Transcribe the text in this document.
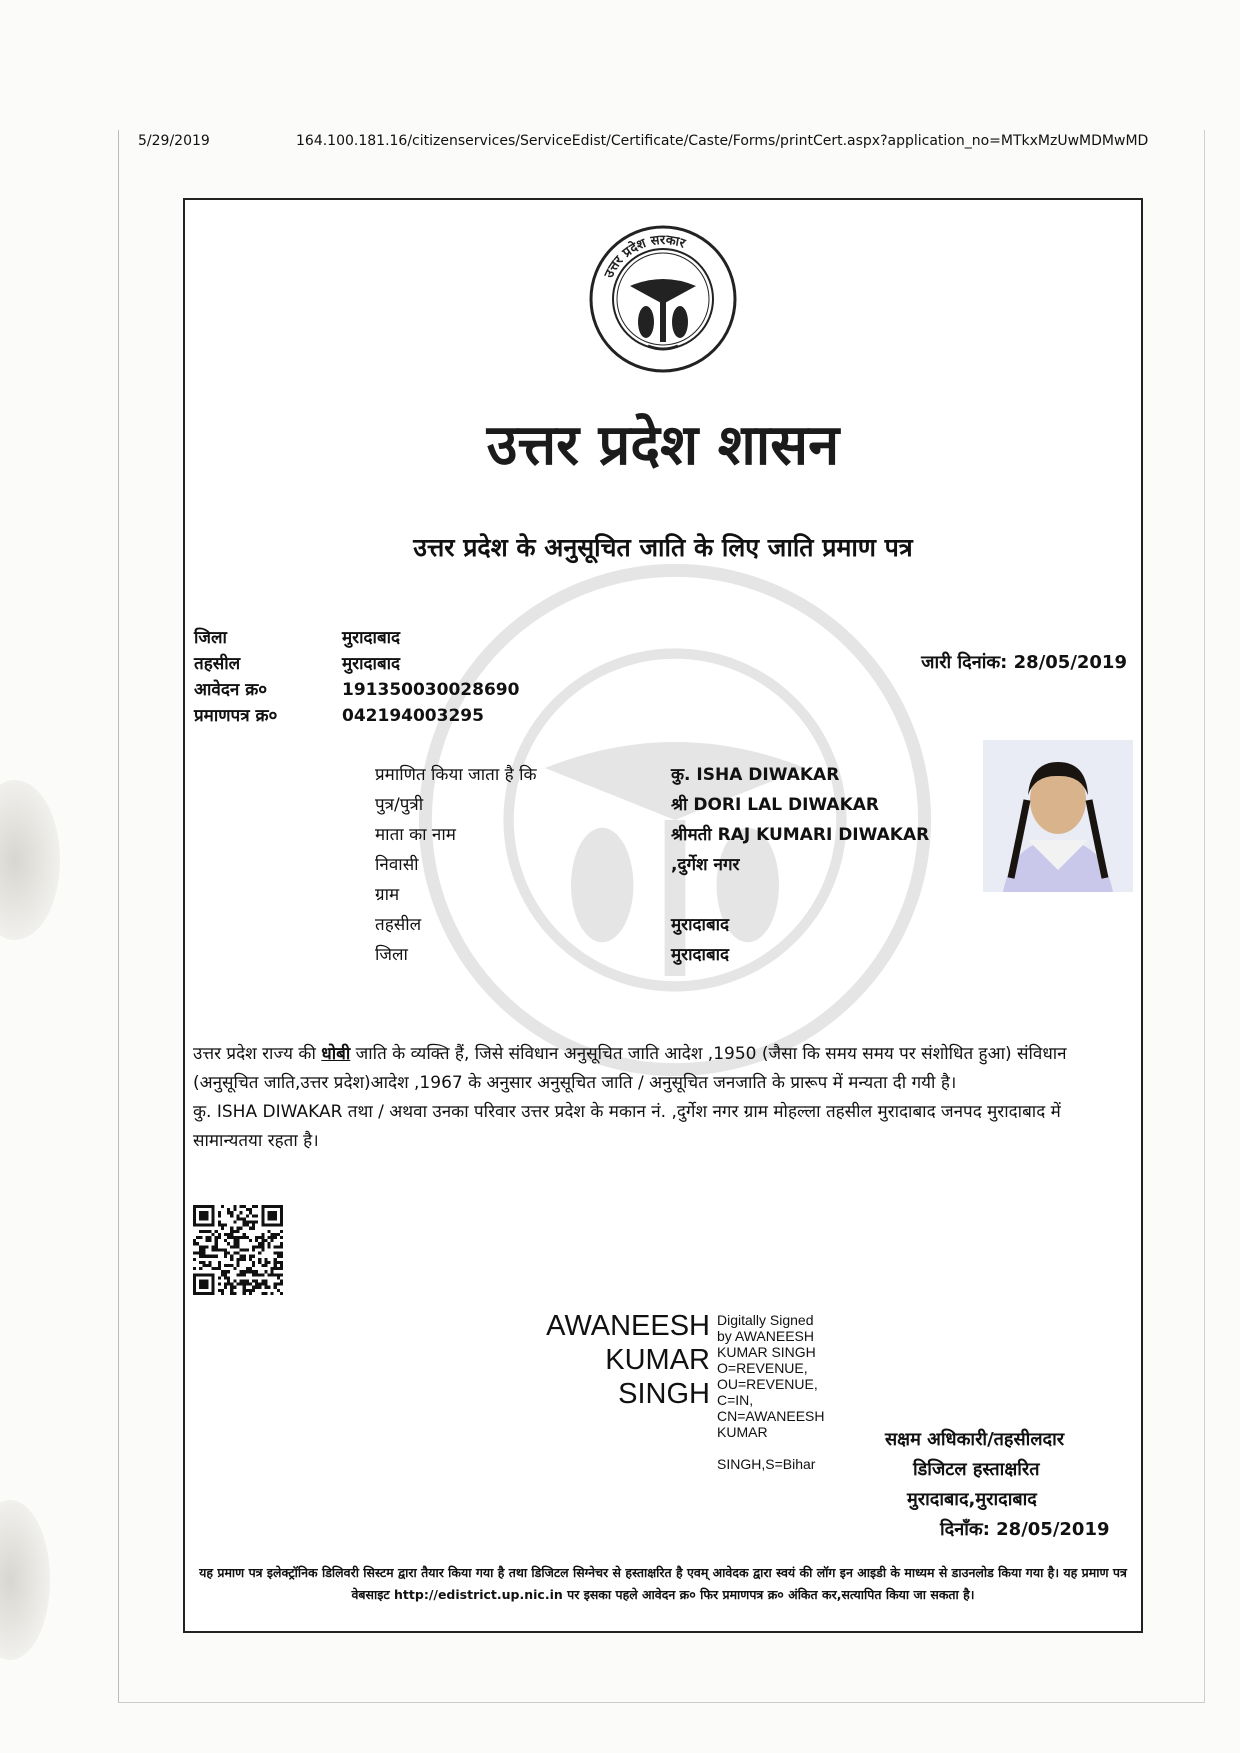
5/29/2019	164.100.181.16/citizenservices/ServiceEdist/Certificate/Caste/Forms/printCert.aspx?application_no=MTkxMzUwMDMwMD
उत्तर प्रदेश सरकार
उत्तर प्रदेश शासन
उत्तर प्रदेश के अनुसूचित जाति के लिए जाति प्रमाण पत्र
जिला	मुरादाबाद
तहसील	मुरादाबाद
आवेदन क्र०	191350030028690
प्रमाणपत्र क्र०	042194003295
जारी दिनांक: 28/05/2019
प्रमाणित किया जाता है कि	कु. ISHA DIWAKAR
पुत्र/पुत्री	श्री DORI LAL DIWAKAR
माता का नाम	श्रीमती RAJ KUMARI DIWAKAR
निवासी	,दुर्गेश नगर
ग्राम
तहसील	मुरादाबाद
जिला	मुरादाबाद

उत्तर प्रदेश राज्य की धोबी जाति के व्यक्ति हैं, जिसे संविधान अनुसूचित जाति आदेश ,1950 (जैसा कि समय समय पर संशोधित हुआ) संविधान (अनुसूचित जाति,उत्तर प्रदेश)आदेश ,1967 के अनुसार अनुसूचित जाति / अनुसूचित जनजाति के प्रारूप में मन्यता दी गयी है।

कु. ISHA DIWAKAR तथा / अथवा उनका परिवार उत्तर प्रदेश के मकान नं. ,दुर्गेश नगर ग्राम मोहल्ला तहसील मुरादाबाद जनपद मुरादाबाद में सामान्यतया रहता है।

AWANEESH
KUMAR
SINGH
Digitally Signed
by AWANEESH
KUMAR SINGH
O=REVENUE,
OU=REVENUE,
C=IN,
CN=AWANEESH
KUMAR
SINGH,S=Bihar
सक्षम अधिकारी/तहसीलदार
डिजिटल हस्ताक्षरित
मुरादाबाद,मुरादाबाद
दिनाँक: 28/05/2019
यह प्रमाण पत्र इलेक्ट्रॉनिक डिलिवरी सिस्टम द्वारा तैयार किया गया है तथा डिजिटल सिग्नेचर से हस्ताक्षरित है एवम् आवेदक द्वारा स्वयं की लॉग इन आइडी के माध्यम से डाउनलोड किया गया है। यह प्रमाण पत्र वेबसाइट http://edistrict.up.nic.in पर इसका पहले आवेदन क्र० फिर प्रमाणपत्र क्र० अंकित कर,सत्यापित किया जा सकता है।
